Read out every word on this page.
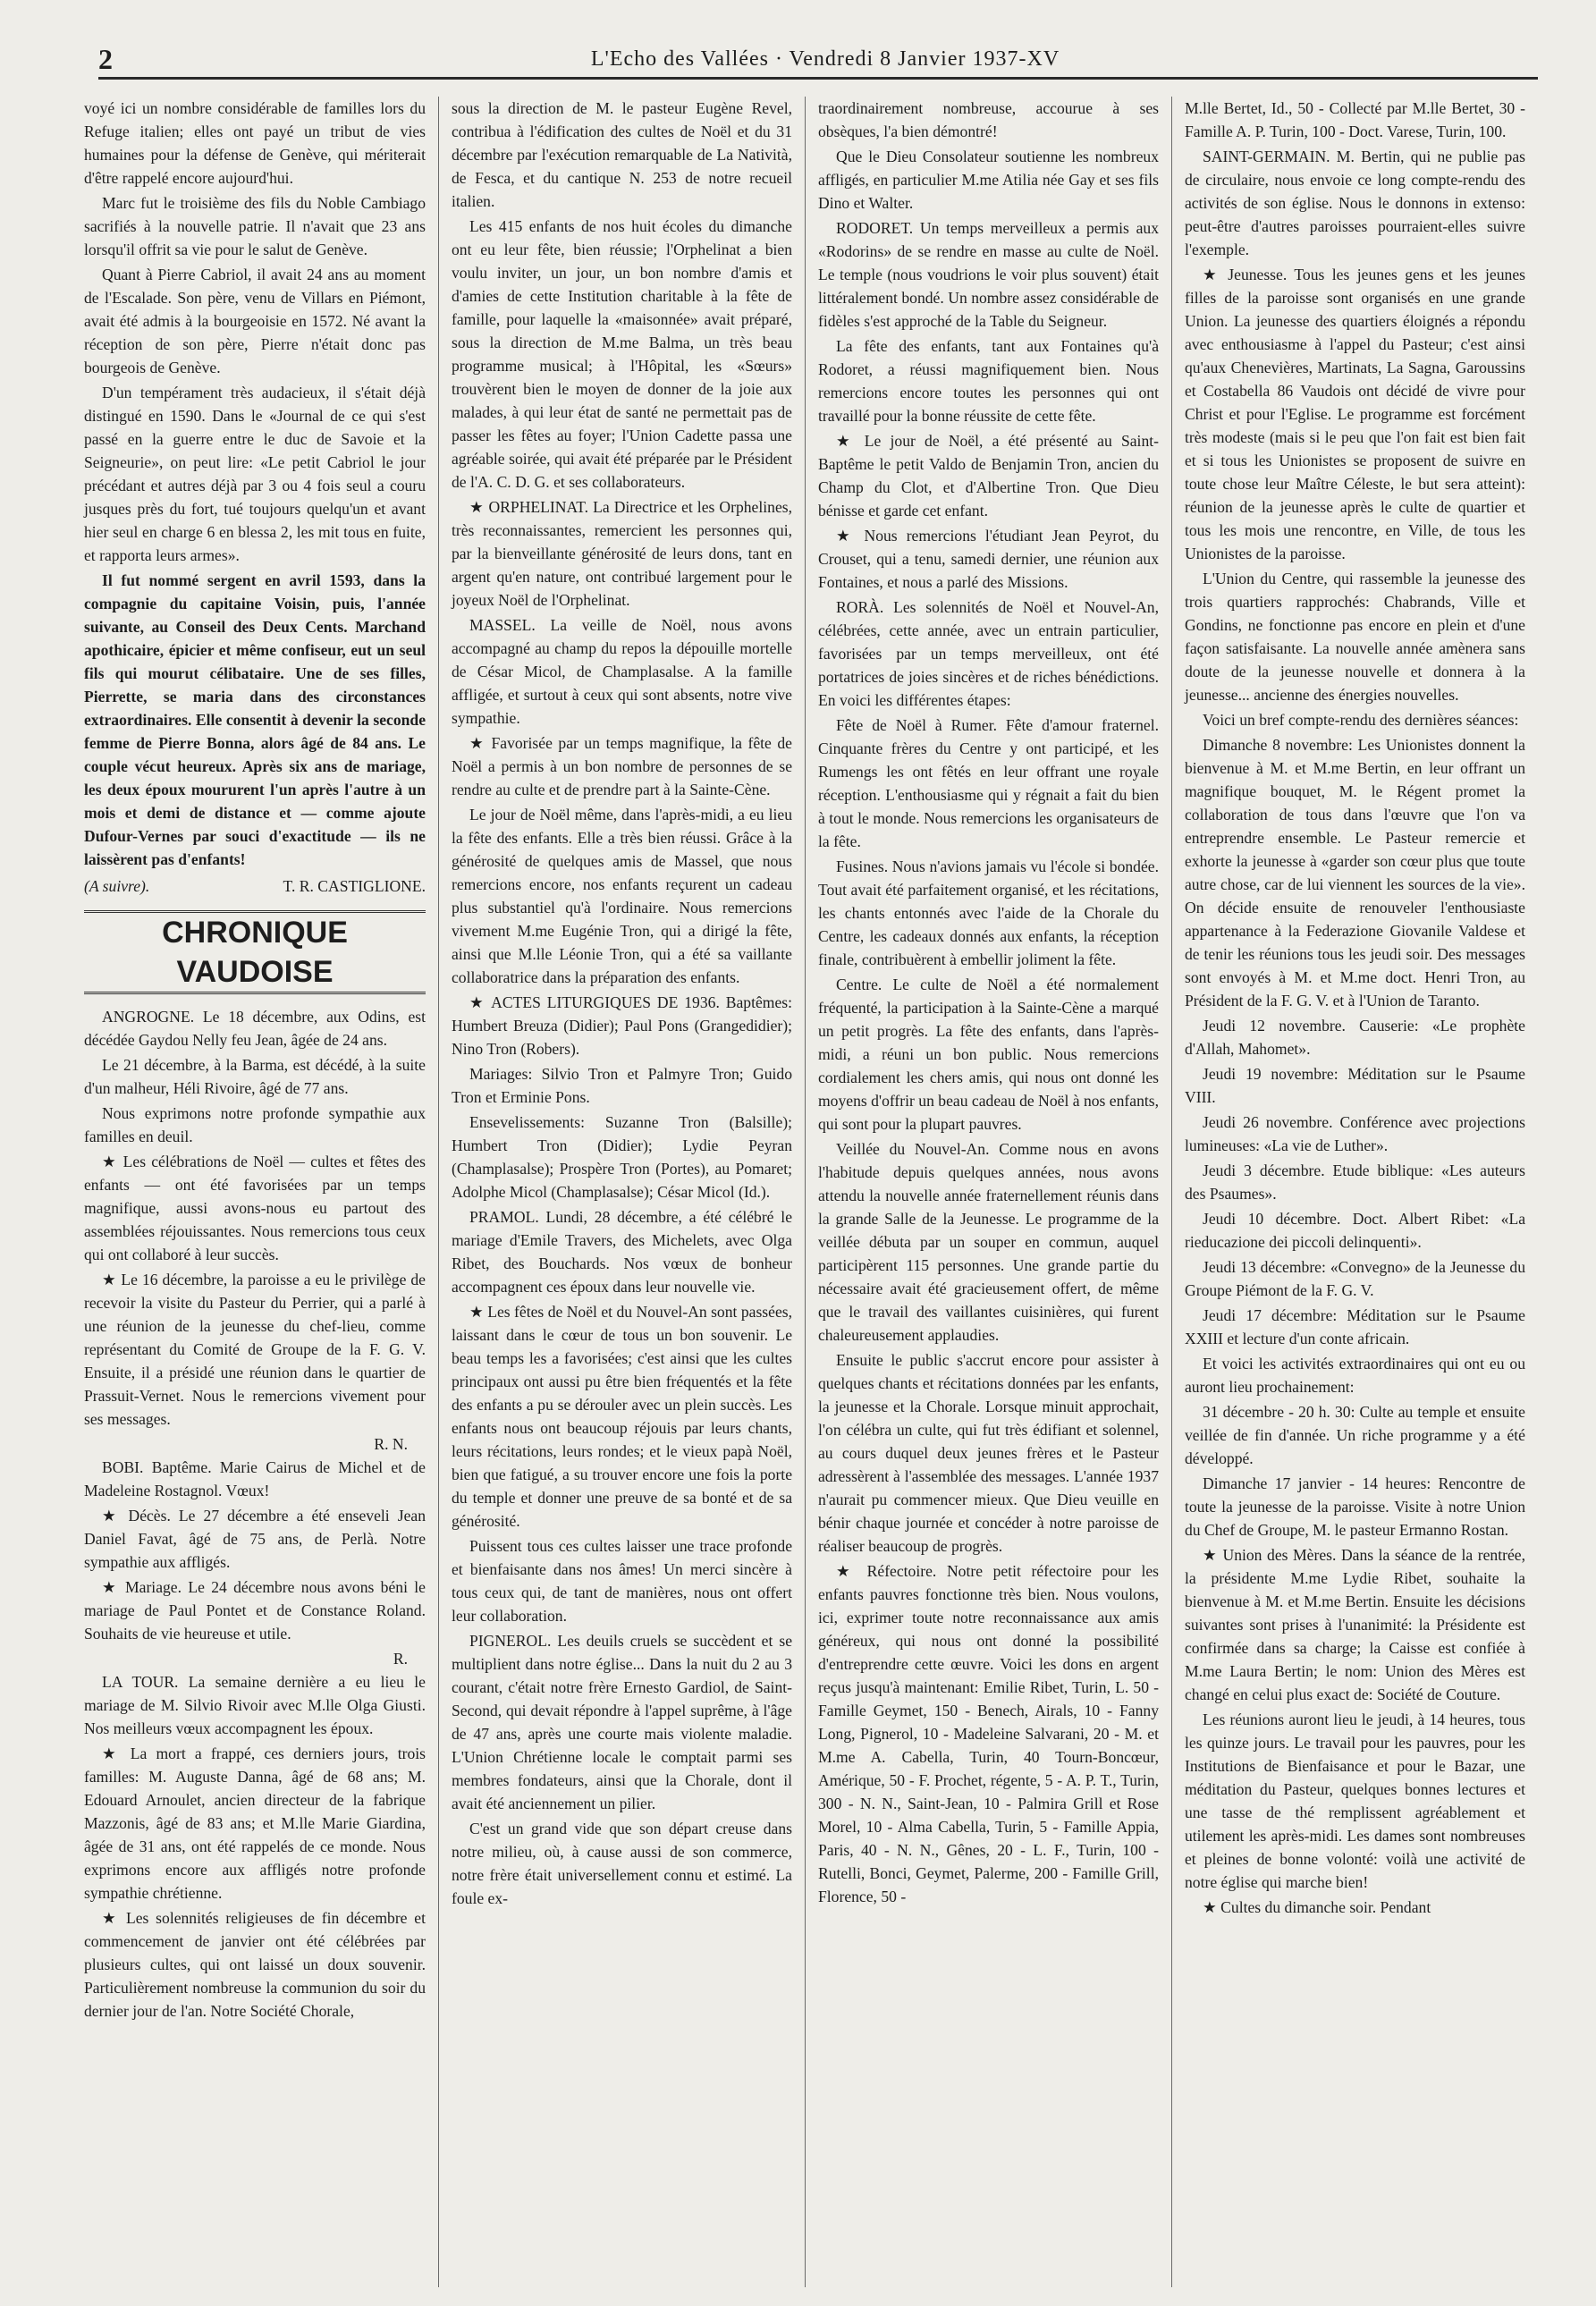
2	L'Echo des Vallées · Vendredi 8 Janvier 1937-XV

voyé ici un nombre considérable de familles lors du Refuge italien; elles ont payé un tribut de vies humaines pour la défense de Genève, qui mériterait d'être rappelé encore aujourd'hui.

Marc fut le troisième des fils du Noble Cambiago sacrifiés à la nouvelle patrie. Il n'avait que 23 ans lorsqu'il offrit sa vie pour le salut de Genève.

Quant à Pierre Cabriol, il avait 24 ans au moment de l'Escalade. Son père, venu de Villars en Piémont, avait été admis à la bourgeoisie en 1572. Né avant la réception de son père, Pierre n'était donc pas bourgeois de Genève.

D'un tempérament très audacieux, il s'était déjà distingué en 1590. Dans le «Journal de ce qui s'est passé en la guerre entre le duc de Savoie et la Seigneurie», on peut lire: «Le petit Cabriol le jour précédant et autres déjà par 3 ou 4 fois seul a couru jusques près du fort, tué toujours quelqu'un et avant hier seul en charge 6 en blessa 2, les mit tous en fuite, et rapporta leurs armes».

Il fut nommé sergent en avril 1593, dans la compagnie du capitaine Voisin, puis, l'année suivante, au Conseil des Deux Cents. Marchand apothicaire, épicier et même confiseur, eut un seul fils qui mourut célibataire. Une de ses filles, Pierrette, se maria dans des circonstances extraordinaires. Elle consentit à devenir la seconde femme de Pierre Bonna, alors âgé de 84 ans. Le couple vécut heureux. Après six ans de mariage, les deux époux moururent l'un après l'autre à un mois et demi de distance et — comme ajoute Dufour-Vernes par souci d'exactitude — ils ne laissèrent pas d'enfants!

(A suivre).	T. R. CASTIGLIONE.
CHRONIQUE VAUDOISE

ANGROGNE. Le 18 décembre, aux Odins, est décédée Gaydou Nelly feu Jean, âgée de 24 ans.

Le 21 décembre, à la Barma, est décédé, à la suite d'un malheur, Héli Rivoire, âgé de 77 ans.

Nous exprimons notre profonde sympathie aux familles en deuil.

★ Les célébrations de Noël — cultes et fêtes des enfants — ont été favorisées par un temps magnifique, aussi avons-nous eu partout des assemblées réjouissantes. Nous remercions tous ceux qui ont collaboré à leur succès.

★ Le 16 décembre, la paroisse a eu le privilège de recevoir la visite du Pasteur du Perrier, qui a parlé à une réunion de la jeunesse du chef-lieu, comme représentant du Comité de Groupe de la F. G. V. Ensuite, il a présidé une réunion dans le quartier de Prassuit-Vernet. Nous le remercions vivement pour ses messages.

R. N.

BOBI. Baptême. Marie Cairus de Michel et de Madeleine Rostagnol. Vœux!

★ Décès. Le 27 décembre a été enseveli Jean Daniel Favat, âgé de 75 ans, de Perlà. Notre sympathie aux affligés.

★ Mariage. Le 24 décembre nous avons béni le mariage de Paul Pontet et de Constance Roland. Souhaits de vie heureuse et utile.

R.

LA TOUR. La semaine dernière a eu lieu le mariage de M. Silvio Rivoir avec M.lle Olga Giusti. Nos meilleurs vœux accompagnent les époux.

★ La mort a frappé, ces derniers jours, trois familles: M. Auguste Danna, âgé de 68 ans; M. Edouard Arnoulet, ancien directeur de la fabrique Mazzonis, âgé de 83 ans; et M.lle Marie Giardina, âgée de 31 ans, ont été rappelés de ce monde. Nous exprimons encore aux affligés notre profonde sympathie chrétienne.

★ Les solennités religieuses de fin décembre et commencement de janvier ont été célébrées par plusieurs cultes, qui ont laissé un doux souvenir. Particulièrement nombreuse la communion du soir du dernier jour de l'an. Notre Société Chorale,

sous la direction de M. le pasteur Eugène Revel, contribua à l'édification des cultes de Noël et du 31 décembre par l'exécution remarquable de La Natività, de Fesca, et du cantique N. 253 de notre recueil italien.

Les 415 enfants de nos huit écoles du dimanche ont eu leur fête, bien réussie; l'Orphelinat a bien voulu inviter, un jour, un bon nombre d'amis et d'amies de cette Institution charitable à la fête de famille, pour laquelle la «maisonnée» avait préparé, sous la direction de M.me Balma, un très beau programme musical; à l'Hôpital, les «Sœurs» trouvèrent bien le moyen de donner de la joie aux malades, à qui leur état de santé ne permettait pas de passer les fêtes au foyer; l'Union Cadette passa une agréable soirée, qui avait été préparée par le Président de l'A. C. D. G. et ses collaborateurs.

★ ORPHELINAT. La Directrice et les Orphelines, très reconnaissantes, remercient les personnes qui, par la bienveillante générosité de leurs dons, tant en argent qu'en nature, ont contribué largement pour le joyeux Noël de l'Orphelinat.

MASSEL. La veille de Noël, nous avons accompagné au champ du repos la dépouille mortelle de César Micol, de Champlasalse. A la famille affligée, et surtout à ceux qui sont absents, notre vive sympathie.

★ Favorisée par un temps magnifique, la fête de Noël a permis à un bon nombre de personnes de se rendre au culte et de prendre part à la Sainte-Cène.

Le jour de Noël même, dans l'après-midi, a eu lieu la fête des enfants. Elle a très bien réussi. Grâce à la générosité de quelques amis de Massel, que nous remercions encore, nos enfants reçurent un cadeau plus substantiel qu'à l'ordinaire. Nous remercions vivement M.me Eugénie Tron, qui a dirigé la fête, ainsi que M.lle Léonie Tron, qui a été sa vaillante collaboratrice dans la préparation des enfants.

★ ACTES LITURGIQUES DE 1936. Baptêmes: Humbert Breuza (Didier); Paul Pons (Grangedidier); Nino Tron (Robers).

Mariages: Silvio Tron et Palmyre Tron; Guido Tron et Erminie Pons.

Ensevelissements: Suzanne Tron (Balsille); Humbert Tron (Didier); Lydie Peyran (Champlasalse); Prospère Tron (Portes), au Pomaret; Adolphe Micol (Champlasalse); César Micol (Id.).

PRAMOL. Lundi, 28 décembre, a été célébré le mariage d'Emile Travers, des Michelets, avec Olga Ribet, des Bouchards. Nos vœux de bonheur accompagnent ces époux dans leur nouvelle vie.

★ Les fêtes de Noël et du Nouvel-An sont passées, laissant dans le cœur de tous un bon souvenir. Le beau temps les a favorisées; c'est ainsi que les cultes principaux ont aussi pu être bien fréquentés et la fête des enfants a pu se dérouler avec un plein succès. Les enfants nous ont beaucoup réjouis par leurs chants, leurs récitations, leurs rondes; et le vieux papà Noël, bien que fatigué, a su trouver encore une fois la porte du temple et donner une preuve de sa bonté et de sa générosité.

Puissent tous ces cultes laisser une trace profonde et bienfaisante dans nos âmes! Un merci sincère à tous ceux qui, de tant de manières, nous ont offert leur collaboration.

PIGNEROL. Les deuils cruels se succèdent et se multiplient dans notre église... Dans la nuit du 2 au 3 courant, c'était notre frère Ernesto Gardiol, de Saint-Second, qui devait répondre à l'appel suprême, à l'âge de 47 ans, après une courte mais violente maladie. L'Union Chrétienne locale le comptait parmi ses membres fondateurs, ainsi que la Chorale, dont il avait été anciennement un pilier.

C'est un grand vide que son départ creuse dans notre milieu, où, à cause aussi de son commerce, notre frère était universellement connu et estimé. La foule ex-

traordinairement nombreuse, accourue à ses obsèques, l'a bien démontré!

Que le Dieu Consolateur soutienne les nombreux affligés, en particulier M.me Atilia née Gay et ses fils Dino et Walter.

RODORET. Un temps merveilleux a permis aux «Rodorins» de se rendre en masse au culte de Noël. Le temple (nous voudrions le voir plus souvent) était littéralement bondé. Un nombre assez considérable de fidèles s'est approché de la Table du Seigneur.

La fête des enfants, tant aux Fontaines qu'à Rodoret, a réussi magnifiquement bien. Nous remercions encore toutes les personnes qui ont travaillé pour la bonne réussite de cette fête.

★ Le jour de Noël, a été présenté au Saint-Baptême le petit Valdo de Benjamin Tron, ancien du Champ du Clot, et d'Albertine Tron. Que Dieu bénisse et garde cet enfant.

★ Nous remercions l'étudiant Jean Peyrot, du Crouset, qui a tenu, samedi dernier, une réunion aux Fontaines, et nous a parlé des Missions.

RORÀ. Les solennités de Noël et Nouvel-An, célébrées, cette année, avec un entrain particulier, favorisées par un temps merveilleux, ont été portatrices de joies sincères et de riches bénédictions. En voici les différentes étapes:

Fête de Noël à Rumer. Fête d'amour fraternel. Cinquante frères du Centre y ont participé, et les Rumengs les ont fêtés en leur offrant une royale réception. L'enthousiasme qui y régnait a fait du bien à tout le monde. Nous remercions les organisateurs de la fête.

Fusines. Nous n'avions jamais vu l'école si bondée. Tout avait été parfaitement organisé, et les récitations, les chants entonnés avec l'aide de la Chorale du Centre, les cadeaux donnés aux enfants, la réception finale, contribuèrent à embellir joliment la fête.

Centre. Le culte de Noël a été normalement fréquenté, la participation à la Sainte-Cène a marqué un petit progrès. La fête des enfants, dans l'après-midi, a réuni un bon public. Nous remercions cordialement les chers amis, qui nous ont donné les moyens d'offrir un beau cadeau de Noël à nos enfants, qui sont pour la plupart pauvres.

Veillée du Nouvel-An. Comme nous en avons l'habitude depuis quelques années, nous avons attendu la nouvelle année fraternellement réunis dans la grande Salle de la Jeunesse. Le programme de la veillée débuta par un souper en commun, auquel participèrent 115 personnes. Une grande partie du nécessaire avait été gracieusement offert, de même que le travail des vaillantes cuisinières, qui furent chaleureusement applaudies.

Ensuite le public s'accrut encore pour assister à quelques chants et récitations données par les enfants, la jeunesse et la Chorale. Lorsque minuit approchait, l'on célébra un culte, qui fut très édifiant et solennel, au cours duquel deux jeunes frères et le Pasteur adressèrent à l'assemblée des messages. L'année 1937 n'aurait pu commencer mieux. Que Dieu veuille en bénir chaque journée et concéder à notre paroisse de réaliser beaucoup de progrès.

★ Réfectoire. Notre petit réfectoire pour les enfants pauvres fonctionne très bien. Nous voulons, ici, exprimer toute notre reconnaissance aux amis généreux, qui nous ont donné la possibilité d'entreprendre cette œuvre. Voici les dons en argent reçus jusqu'à maintenant: Emilie Ribet, Turin, L. 50 - Famille Geymet, 150 - Benech, Airals, 10 - Fanny Long, Pignerol, 10 - Madeleine Salvarani, 20 - M. et M.me A. Cabella, Turin, 40 Tourn-Boncœur, Amérique, 50 - F. Prochet, régente, 5 - A. P. T., Turin, 300 - N. N., Saint-Jean, 10 - Palmira Grill et Rose Morel, 10 - Alma Cabella, Turin, 5 - Famille Appia, Paris, 40 - N. N., Gênes, 20 - L. F., Turin, 100 - Rutelli, Bonci, Geymet, Palerme, 200 - Famille Grill, Florence, 50 -

M.lle Bertet, Id., 50 - Collecté par M.lle Bertet, 30 - Famille A. P. Turin, 100 - Doct. Varese, Turin, 100.

SAINT-GERMAIN. M. Bertin, qui ne publie pas de circulaire, nous envoie ce long compte-rendu des activités de son église. Nous le donnons in extenso: peut-être d'autres paroisses pourraient-elles suivre l'exemple.

★ Jeunesse. Tous les jeunes gens et les jeunes filles de la paroisse sont organisés en une grande Union. La jeunesse des quartiers éloignés a répondu avec enthousiasme à l'appel du Pasteur; c'est ainsi qu'aux Chenevières, Martinats, La Sagna, Garoussins et Costabella 86 Vaudois ont décidé de vivre pour Christ et pour l'Eglise. Le programme est forcément très modeste (mais si le peu que l'on fait est bien fait et si tous les Unionistes se proposent de suivre en toute chose leur Maître Céleste, le but sera atteint): réunion de la jeunesse après le culte de quartier et tous les mois une rencontre, en Ville, de tous les Unionistes de la paroisse.

L'Union du Centre, qui rassemble la jeunesse des trois quartiers rapprochés: Chabrands, Ville et Gondins, ne fonctionne pas encore en plein et d'une façon satisfaisante. La nouvelle année amènera sans doute de la jeunesse nouvelle et donnera à la jeunesse... ancienne des énergies nouvelles.

Voici un bref compte-rendu des dernières séances:

Dimanche 8 novembre: Les Unionistes donnent la bienvenue à M. et M.me Bertin, en leur offrant un magnifique bouquet, M. le Régent promet la collaboration de tous dans l'œuvre que l'on va entreprendre ensemble. Le Pasteur remercie et exhorte la jeunesse à «garder son cœur plus que toute autre chose, car de lui viennent les sources de la vie». On décide ensuite de renouveler l'enthousiaste appartenance à la Federazione Giovanile Valdese et de tenir les réunions tous les jeudi soir. Des messages sont envoyés à M. et M.me doct. Henri Tron, au Président de la F. G. V. et à l'Union de Taranto.

Jeudi 12 novembre. Causerie: «Le prophète d'Allah, Mahomet».

Jeudi 19 novembre: Méditation sur le Psaume VIII.

Jeudi 26 novembre. Conférence avec projections lumineuses: «La vie de Luther».

Jeudi 3 décembre. Etude biblique: «Les auteurs des Psaumes».

Jeudi 10 décembre. Doct. Albert Ribet: «La rieducazione dei piccoli delinquenti».

Jeudi 13 décembre: «Convegno» de la Jeunesse du Groupe Piémont de la F. G. V.

Jeudi 17 décembre: Méditation sur le Psaume XXIII et lecture d'un conte africain.

Et voici les activités extraordinaires qui ont eu ou auront lieu prochainement:

31 décembre - 20 h. 30: Culte au temple et ensuite veillée de fin d'année. Un riche programme y a été développé.

Dimanche 17 janvier - 14 heures: Rencontre de toute la jeunesse de la paroisse. Visite à notre Union du Chef de Groupe, M. le pasteur Ermanno Rostan.

★ Union des Mères. Dans la séance de la rentrée, la présidente M.me Lydie Ribet, souhaite la bienvenue à M. et M.me Bertin. Ensuite les décisions suivantes sont prises à l'unanimité: la Présidente est confirmée dans sa charge; la Caisse est confiée à M.me Laura Bertin; le nom: Union des Mères est changé en celui plus exact de: Société de Couture.

Les réunions auront lieu le jeudi, à 14 heures, tous les quinze jours. Le travail pour les pauvres, pour les Institutions de Bienfaisance et pour le Bazar, une méditation du Pasteur, quelques bonnes lectures et une tasse de thé remplissent agréablement et utilement les après-midi. Les dames sont nombreuses et pleines de bonne volonté: voilà une activité de notre église qui marche bien!

★ Cultes du dimanche soir. Pendant
